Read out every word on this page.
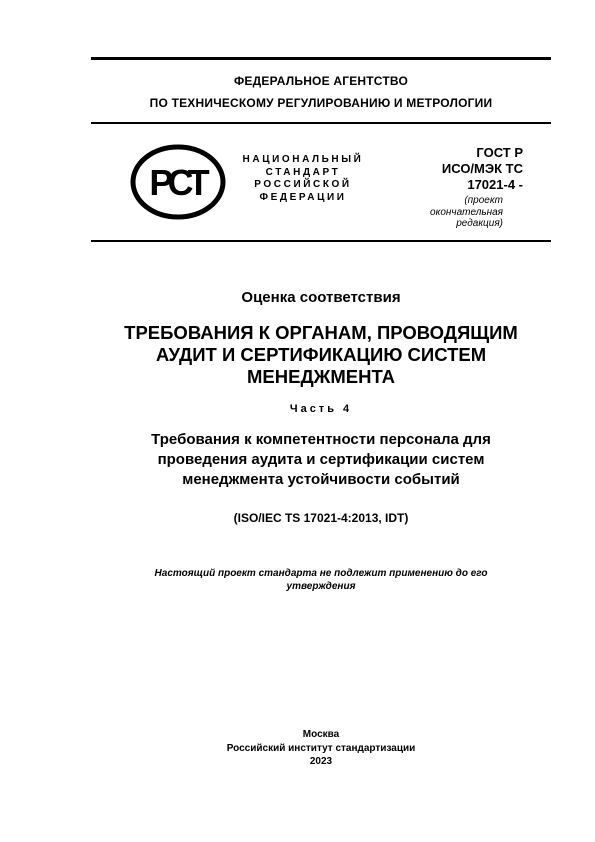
ФЕДЕРАЛЬНОЕ АГЕНТСТВО
ПО ТЕХНИЧЕСКОМУ РЕГУЛИРОВАНИЮ И МЕТРОЛОГИИ
РСТ
НАЦИОНАЛЬНЫЙ
СТАНДАРТ
РОССИЙСКОЙ
ФЕДЕРАЦИИ
ГОСТ Р
ИСО/МЭК ТС
17021-4 -
(проект
окончательная
редакция)
Оценка соответствия
ТРЕБОВАНИЯ К ОРГАНАМ, ПРОВОДЯЩИМ
АУДИТ И СЕРТИФИКАЦИЮ СИСТЕМ
МЕНЕДЖМЕНТА
Часть 4
Требования к компетентности персонала для
проведения аудита и сертификации систем
менеджмента устойчивости событий
(ISO/IEC TS 17021-4:2013, IDT)
Настоящий проект стандарта не подлежит применению до его
утверждения
Москва
Российский институт стандартизации
2023
